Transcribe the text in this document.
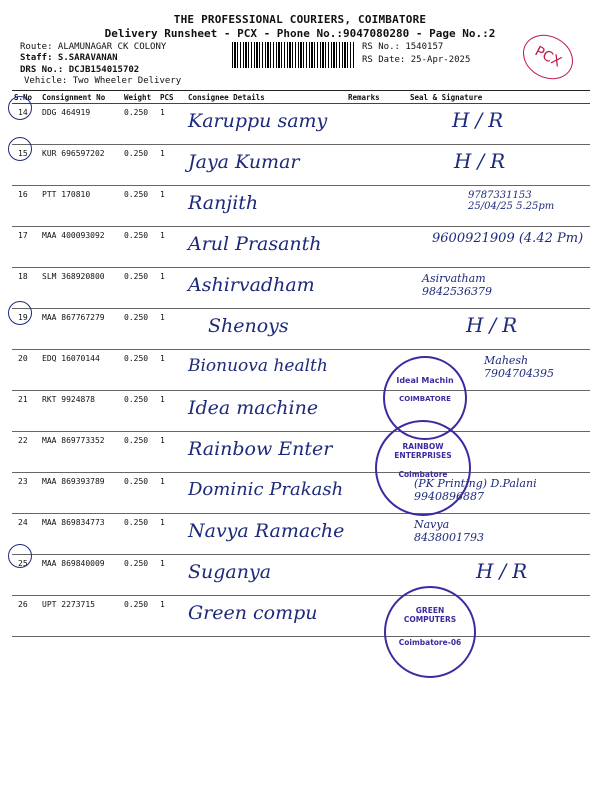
THE PROFESSIONAL COURIERS, COIMBATORE
Delivery Runsheet - PCX - Phone No.:9047080280 - Page No.:2
Route: ALAMUNAGAR CK COLONY
Staff: S.SARAVANAN
DRS No.: DCJB154015702
Vehicle: Two Wheeler Delivery
RS No.: 1540157
RS Date: 25-Apr-2025	PCX
S.No	Consignment No	Weight	PCS	Consignee Details	Remarks	Seal & Signature
14	DDG 464919	0.250	1	Karuppu samy		H/R

15	KUR 696597202	0.250	1	Jaya Kumar		H/R

16	PTT 170810	0.250	1	Ranjith		9787331153 25/04/25 5.25pm

17	MAA 400093092	0.250	1	Arul Prasanth		9600921909 (4.42 Pm)

18	SLM 368920800	0.250	1	Ashirvadham		Asirvatham 9842536379

19	MAA 867767279	0.250	1	Shenoys		H/R

20	EDQ 16070144	0.250	1	Bionuova health		Mahesh 7904704395

21	RKT 9924878	0.250	1	Idea machine		

22	MAA 869773352	0.250	1	Rainbow Enter		

23	MAA 869393789	0.250	1	Dominic Prakash		(PK Printing) D.Palani 9940896887

24	MAA 869834773	0.250	1	Navya Ramache		Navya 8438001793

25	MAA 869840009	0.250	1	Suganya		H/R

26	UPT 2273715	0.250	1	Green compu		

Ideal Machin
COIMBATORE
RAINBOW ENTERPRISES
Coimbatore
GREEN COMPUTERS
Coimbatore-06
